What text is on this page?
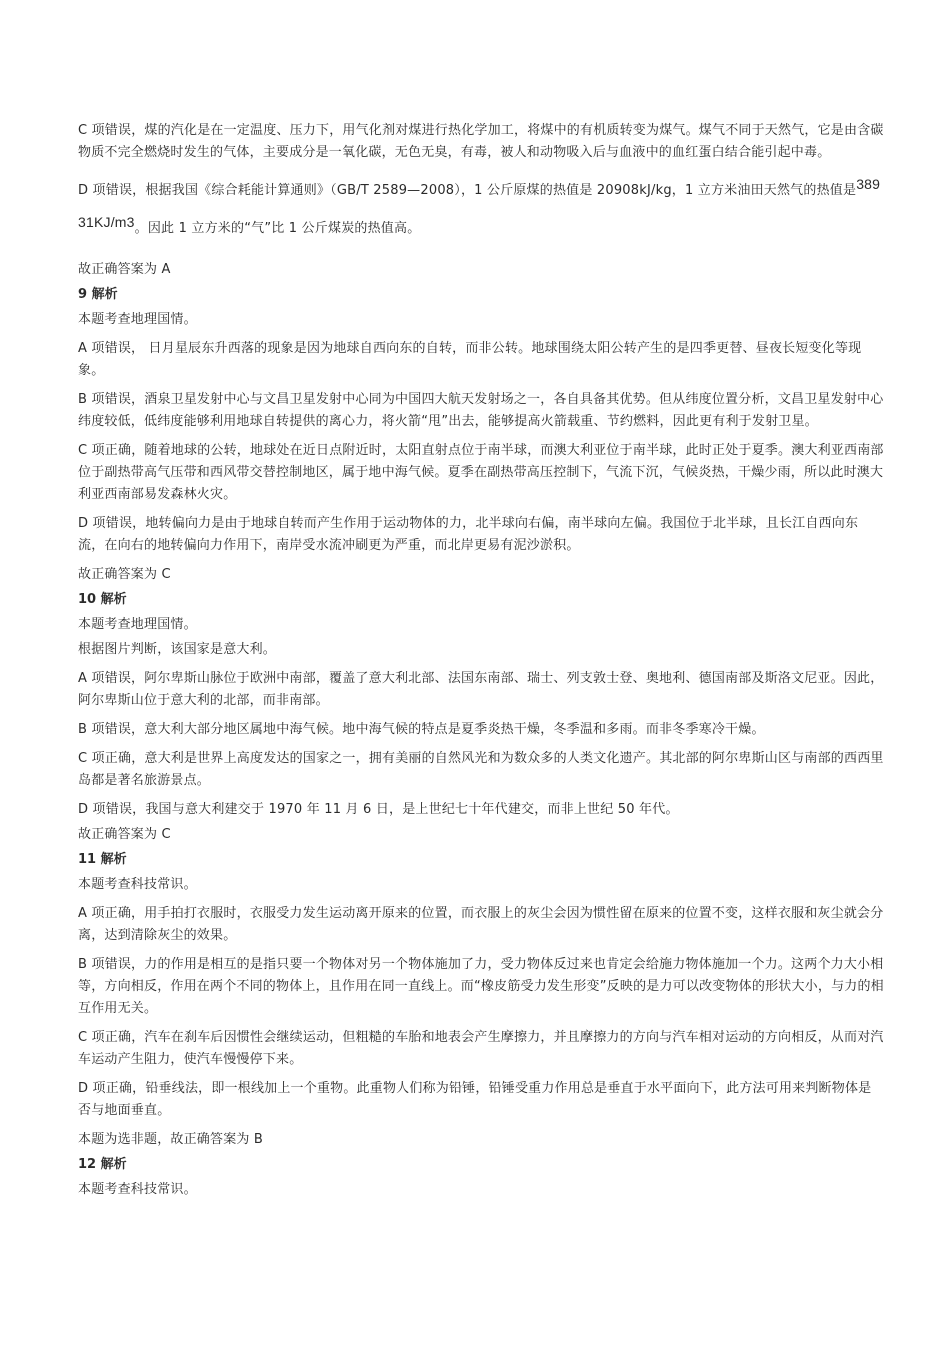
C 项错误，煤的汽化是在一定温度、压力下，用气化剂对煤进行热化学加工，将煤中的有机质转变为煤气。煤气不同于天然气，它是由含碳物质不完全燃烧时发生的气体，主要成分是一氧化碳，无色无臭，有毒，被人和动物吸入后与血液中的血红蛋白结合能引起中毒。

D 项错误，根据我国《综合耗能计算通则》（GB/T 2589—2008），1 公斤原煤的热值是 20908kJ/kg，1 立方米油田天然气的热值是38931KJ/m3。因此 1 立方米的“气”比 1 公斤煤炭的热值高。

故正确答案为 A

9 解析

本题考查地理国情。

A 项错误， 日月星辰东升西落的现象是因为地球自西向东的自转，而非公转。地球围绕太阳公转产生的是四季更替、昼夜长短变化等现象。

B 项错误，酒泉卫星发射中心与文昌卫星发射中心同为中国四大航天发射场之一，各自具备其优势。但从纬度位置分析，文昌卫星发射中心纬度较低，低纬度能够利用地球自转提供的离心力，将火箭“甩”出去，能够提高火箭载重、节约燃料，因此更有利于发射卫星。

C 项正确，随着地球的公转，地球处在近日点附近时，太阳直射点位于南半球，而澳大利亚位于南半球，此时正处于夏季。澳大利亚西南部位于副热带高气压带和西风带交替控制地区，属于地中海气候。夏季在副热带高压控制下，气流下沉，气候炎热，干燥少雨，所以此时澳大利亚西南部易发森林火灾。

D 项错误，地转偏向力是由于地球自转而产生作用于运动物体的力，北半球向右偏，南半球向左偏。我国位于北半球，且长江自西向东流，在向右的地转偏向力作用下，南岸受水流冲刷更为严重，而北岸更易有泥沙淤积。

故正确答案为 C

10 解析

本题考查地理国情。

根据图片判断，该国家是意大利。

A 项错误，阿尔卑斯山脉位于欧洲中南部，覆盖了意大利北部、法国东南部、瑞士、列支敦士登、奥地利、德国南部及斯洛文尼亚。因此，阿尔卑斯山位于意大利的北部，而非南部。

B 项错误，意大利大部分地区属地中海气候。地中海气候的特点是夏季炎热干燥，冬季温和多雨。而非冬季寒冷干燥。

C 项正确，意大利是世界上高度发达的国家之一，拥有美丽的自然风光和为数众多的人类文化遗产。其北部的阿尔卑斯山区与南部的西西里岛都是著名旅游景点。

D 项错误，我国与意大利建交于 1970 年 11 月 6 日，是上世纪七十年代建交，而非上世纪 50 年代。

故正确答案为 C

11 解析

本题考查科技常识。

A 项正确，用手拍打衣服时，衣服受力发生运动离开原来的位置，而衣服上的灰尘会因为惯性留在原来的位置不变，这样衣服和灰尘就会分离，达到清除灰尘的效果。

B 项错误，力的作用是相互的是指只要一个物体对另一个物体施加了力，受力物体反过来也肯定会给施力物体施加一个力。这两个力大小相等，方向相反，作用在两个不同的物体上，且作用在同一直线上。而“橡皮筋受力发生形变”反映的是力可以改变物体的形状大小，与力的相互作用无关。

C 项正确，汽车在刹车后因惯性会继续运动，但粗糙的车胎和地表会产生摩擦力，并且摩擦力的方向与汽车相对运动的方向相反，从而对汽车运动产生阻力，使汽车慢慢停下来。

D 项正确，铅垂线法，即一根线加上一个重物。此重物人们称为铅锤，铅锤受重力作用总是垂直于水平面向下，此方法可用来判断物体是否与地面垂直。

本题为选非题，故正确答案为 B

12 解析

本题考查科技常识。
